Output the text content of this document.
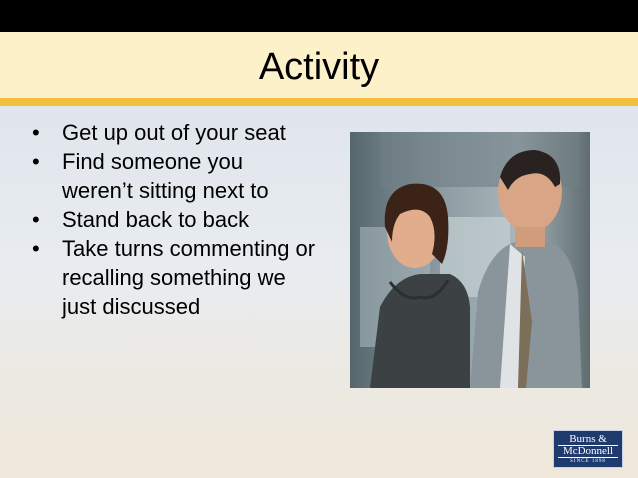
Activity
• Get up out of your seat
• Find someone you weren’t sitting next to
• Stand back to back
• Take turns commenting or recalling something we just discussed
Burns &
McDonnell
SINCE 1898
